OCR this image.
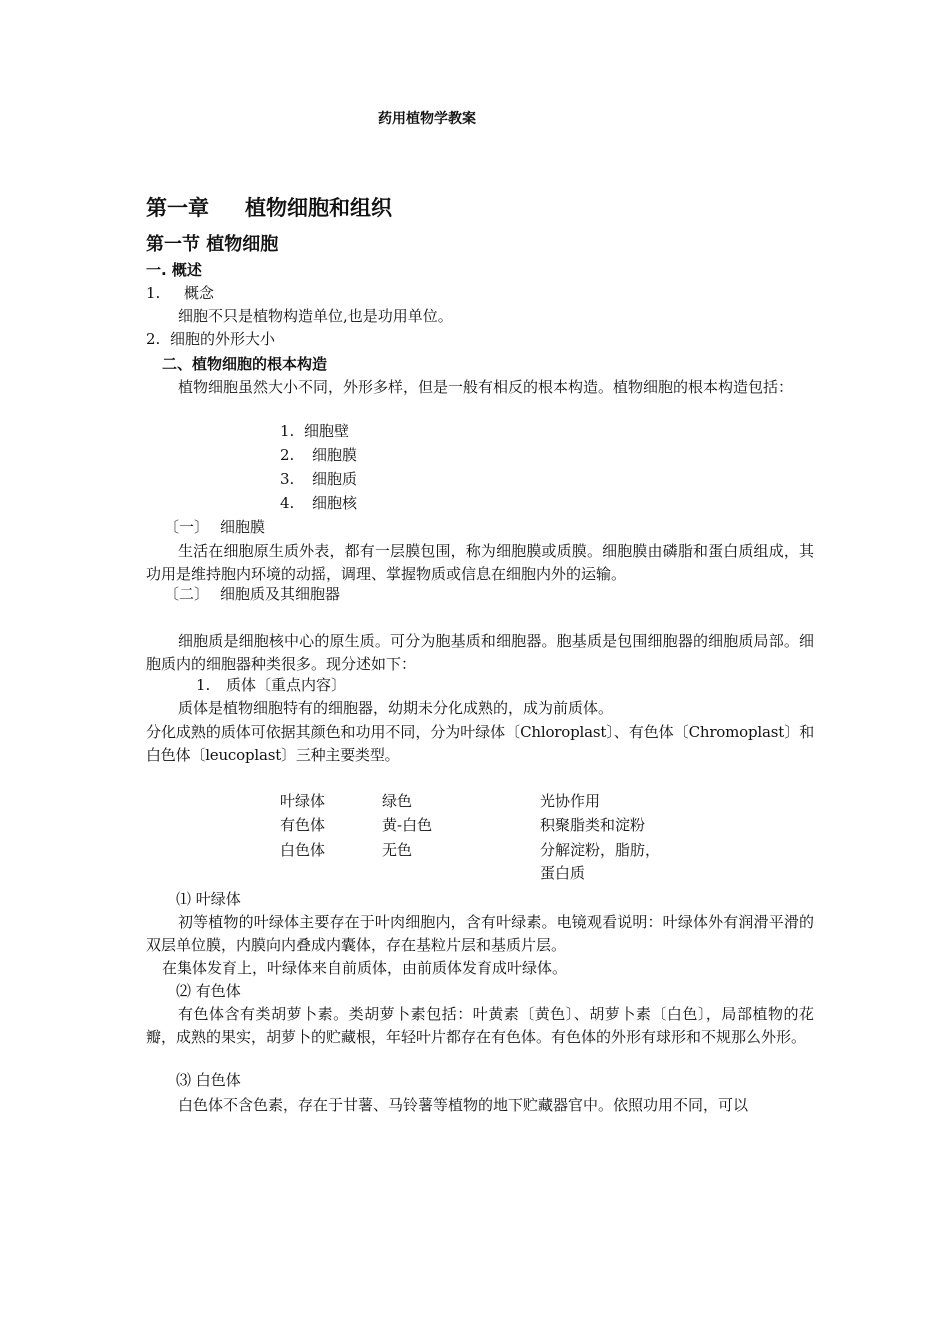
药用植物学教案
第一章 植物细胞和组织
第一节 植物细胞
一. 概述
1. 概念
细胞不只是植物构造单位,也是功用单位。
2. 细胞的外形大小
二、植物细胞的根本构造
植物细胞虽然大小不同，外形多样，但是一般有相反的根本构造。植物细胞的根本构造包括：
1. 细胞壁
2. 细胞膜
3. 细胞质
4. 细胞核
〔一〕 细胞膜
生活在细胞原生质外表，都有一层膜包围，称为细胞膜或质膜。细胞膜由磷脂和蛋白质组成，其功用是维持胞内环境的动摇，调理、掌握物质或信息在细胞内外的运输。
〔二〕 细胞质及其细胞器
细胞质是细胞核中心的原生质。可分为胞基质和细胞器。胞基质是包围细胞器的细胞质局部。细胞质内的细胞器种类很多。现分述如下：
1. 质体〔重点内容〕
质体是植物细胞特有的细胞器，幼期未分化成熟的，成为前质体。
分化成熟的质体可依据其颜色和功用不同，分为叶绿体〔Chloroplast〕、有色体〔Chromoplast〕和白色体〔leucoplast〕三种主要类型。
叶绿体	绿色	光协作用
有色体	黄-白色	积聚脂类和淀粉
白色体	无色	分解淀粉，脂肪，
蛋白质
⑴ 叶绿体
初等植物的叶绿体主要存在于叶肉细胞内，含有叶绿素。电镜观看说明：叶绿体外有润滑平滑的双层单位膜，内膜向内叠成内囊体，存在基粒片层和基质片层。
在集体发育上，叶绿体来自前质体，由前质体发育成叶绿体。
⑵ 有色体
有色体含有类胡萝卜素。类胡萝卜素包括：叶黄素〔黄色〕、胡萝卜素〔白色〕，局部植物的花瓣，成熟的果实，胡萝卜的贮藏根，年轻叶片都存在有色体。有色体的外形有球形和不规那么外形。
⑶ 白色体
白色体不含色素，存在于甘薯、马铃薯等植物的地下贮藏器官中。依照功用不同，可以
